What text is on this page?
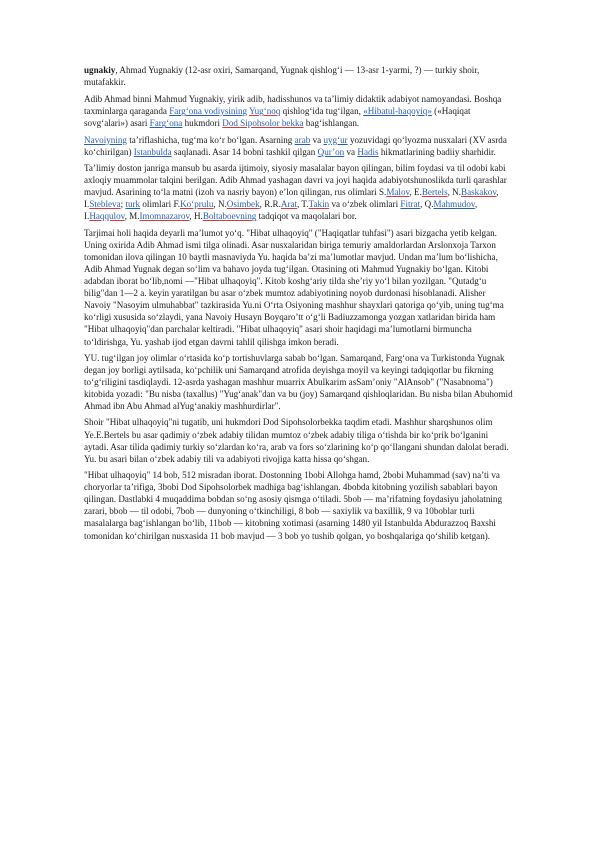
ugnakiy, Ahmad Yugnakiy (12-asr oxiri, Samarqand, Yugnak qishlog‘i — 13-asr 1-yarmi, ?) — turkiy shoir, mutafakkir.

Adib Ahmad binni Mahmud Yugnakiy, yirik adib, hadisshunos va ta’limiy didaktik adabiyot namoyandasi. Boshqa taxminlarga qaraganda Farg‘ona vodiysining Yug‘noq qishlog‘ida tug‘ilgan, «Hibatul-haqoyiq» («Haqiqat sovg‘alari») asari Farg‘ona hukmdori Dod Sipohsolor bekka bag‘ishlangan.

Navoiyning ta’riflashicha, tug‘ma ko‘r bo‘lgan. Asarning arab va uyg‘ur yozuvidagi qo‘lyozma nusxalari (XV asrda ko‘chirilgan) Istanbulda saqlanadi. Asar 14 bobni tashkil qilgan Qur’on va Hadis hikmatlarining badiiy sharhidir.

Ta’limiy doston janriga mansub bu asarda ijtimoiy, siyosiy masalalar bayon qilingan, bilim foydasi va til odobi kabi axloqiy muammolar talqini berilgan. Adib Ahmad yashagan davri va joyi haqida adabiyotshunoslikda turli qarashlar mavjud. Asarining to‘la matni (izoh va nasriy bayon) e’lon qilingan, rus olimlari S.Malov, E.Bertels, N.Baskakov, I.Stebleva; turk olimlari F.Ko‘prulu, N.Osimbek, R.R.Arat, T.Takin va o‘zbek olimlari Fitrat, Q.Mahmudov, I.Haqqulov, M.Imomnazarov, H.Boltaboevning tadqiqot va maqolalari bor.

Tarjimai holi haqida deyarli ma’lumot yo‘q. "Hibat ulhaqoyiq" ("Haqiqatlar tuhfasi") asari bizgacha yetib kelgan. Uning oxirida Adib Ahmad ismi tilga olinadi. Asar nusxalaridan biriga temuriy amaldorlardan Arslonxoja Tarxon tomonidan ilova qilingan 10 baytli masnaviyda Yu. haqida ba’zi ma’lumotlar mavjud. Undan ma’lum bo‘lishicha, Adib Ahmad Yugnak degan so‘lim va bahavo joyda tug‘ilgan. Otasining oti Mahmud Yugnakiy bo‘lgan. Kitobi adabdan iborat bo‘lib,nomi —"Hibat ulhaqoyiq". Kitob koshg‘ariy tilda she’riy yo‘l bilan yozilgan. "Qutadg‘u bilig"dan 1—2 a. keyin yaratilgan bu asar o‘zbek mumtoz adabiyotining noyob durdonasi hisoblanadi. Alisher Navoiy "Nasoyim ulmuhabbat" tazkirasida Yu.ni O‘rta Osiyoning mashhur shayxlari qatoriga qo‘yib, uning tug‘ma ko‘rligi xususida so‘zlaydi, yana Navoiy Husayn Boyqaro’tt o‘g‘li Badiuzzamonga yozgan xatlaridan birida ham "Hibat ulhaqoyiq"dan parchalar keltiradi. "Hibat ulhaqoyiq" asari shoir haqidagi ma’lumotlarni birmuncha to‘ldirishga, Yu. yashab ijod etgan davrni tahlil qilishga imkon beradi.

YU. tug‘ilgan joy olimlar o‘rtasida ko‘p tortishuvlarga sabab bo‘lgan. Samarqand, Farg‘ona va Turkistonda Yugnak degan joy borligi aytilsada, ko‘pchilik uni Samarqand atrofida deyishga moyil va keyingi tadqiqotlar bu fikrning to‘g‘riligini tasdiqlaydi. 12-asrda yashagan mashhur muarrix Abulkarim asSam’oniy "AlAnsob" ("Nasabnoma") kitobida yozadi: "Bu nisba (taxallus) "Yug‘anak"dan va bu (joy) Samarqand qishloqlaridan. Bu nisba bilan Abuhomid Ahmad ibn Abu Ahmad alYug‘anakiy mashhurdirlar".

Shoir "Hibat ulhaqoyiq"ni tugatib, uni hukmdori Dod Sipohsolorbekka taqdim etadi. Mashhur sharqshunos olim Ye.E.Bertels bu asar qadimiy o‘zbek adabiy tilidan mumtoz o‘zbek adabiy tiliga o‘tishda bir ko‘prik bo‘lganini aytadi. Asar tilida qadimiy turkiy so‘zlardan ko‘ra, arab va fors so‘zlarining ko‘p qo‘llangani shundan dalolat beradi. Yu. bu asari bilan o‘zbek adabiy tili va adabiyoti rivojiga katta hissa qo‘shgan.

"Hibat ulhaqoyiq" 14 bob, 512 misradan iborat. Dostonning 1bobi Allohga hamd, 2bobi Muhammad (sav) na’ti va choryorlar ta’rifiga, 3bobi Dod Sipohsolorbek madhiga bag‘ishlangan. 4bobda kitobning yozilish sabablari bayon qilingan. Dastlabki 4 muqaddima bobdan so‘ng asosiy qismga o‘tiladi. 5bob — ma’rifatning foydasiyu jaholatning zarari, bbob — til odobi, 7bob — dunyoning o‘tkinchiligi, 8 bob — saxiylik va baxillik, 9 va 10boblar turli masalalarga bag‘ishlangan bo‘lib, 11bob — kitobning xotimasi (asarning 1480 yil Istanbulda Abdurazzoq Baxshi tomonidan ko‘chirilgan nusxasida 11 bob mavjud — 3 bob yo tushib qolgan, yo boshqalariga qo‘shilib ketgan).
